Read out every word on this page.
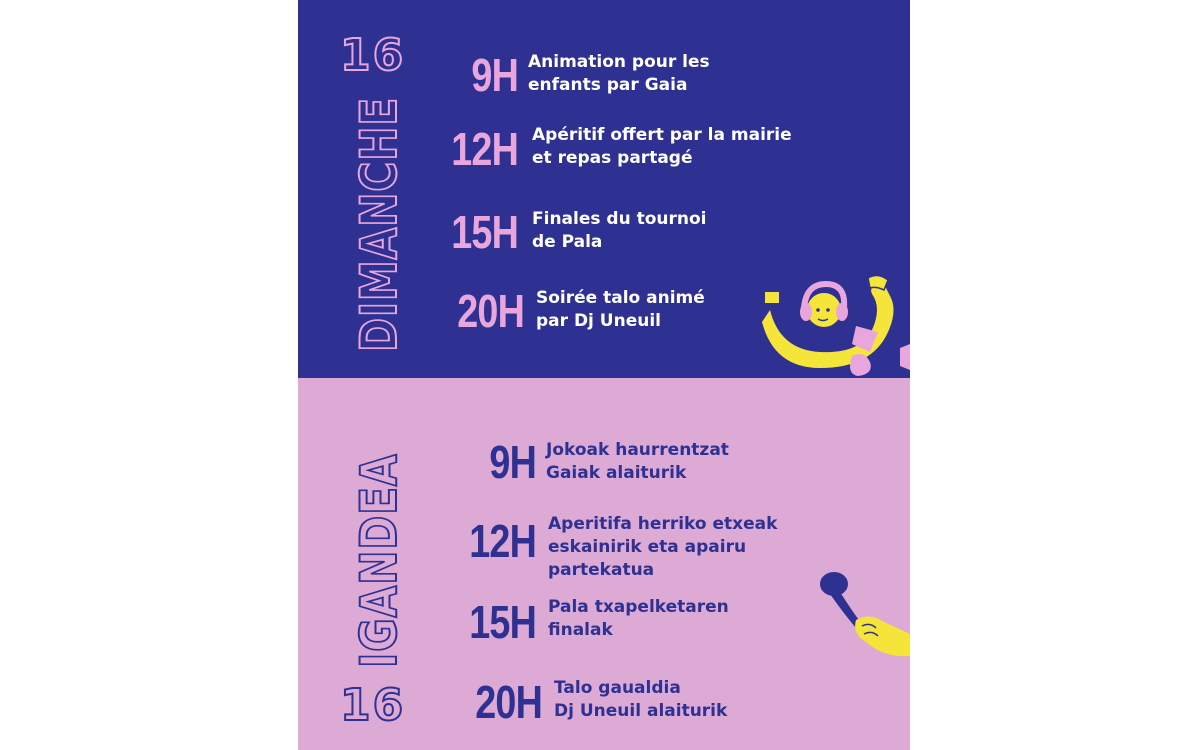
16
DIMANCHE
9H Animation pour les
enfants par Gaia
12H Apéritif offert par la mairie
et repas partagé
15H Finales du tournoi
de Pala
20H Soirée talo animé
par Dj Uneuil
IGANDEA
16
9H Jokoak haurrentzat
Gaiak alaiturik
12H Aperitifa herriko etxeak
eskainirik eta apairu
partekatua
15H Pala txapelketaren
finalak
20H Talo gaualdia
Dj Uneuil alaiturik
